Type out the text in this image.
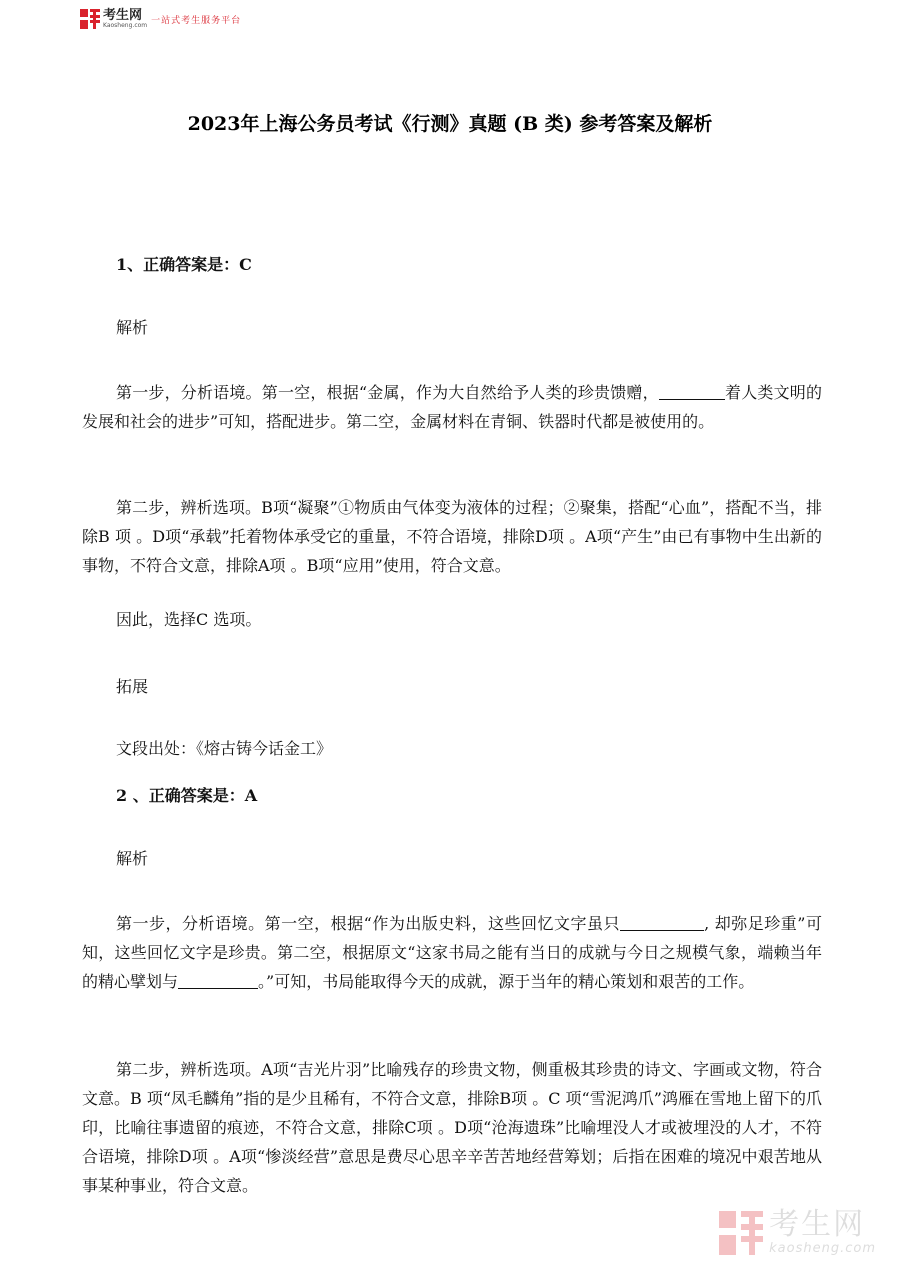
考生网
Kaosheng.com 一站式考生服务平台
2023年上海公务员考试《行测》真题 (B 类) 参考答案及解析
1、正确答案是：C
解析
第一步，分析语境。第一空，根据“金属，作为大自然给予人类的珍贵馈赠，	着人类文明的发展和社会的进步”可知，搭配进步。第二空，金属材料在青铜、铁器时代都是被使用的。
第二步，辨析选项。B项“凝聚”①物质由气体变为液体的过程；②聚集，搭配“心血”，搭配不当，排除B 项 。D项“承载”托着物体承受它的重量，不符合语境，排除D项 。A项“产生”由已有事物中生出新的事物，不符合文意，排除A项 。B项“应用”使用，符合文意。
因此，选择C 选项。
拓展
文段出处：《熔古铸今话金工》
2 、正确答案是：A
解析
第一步，分析语境。第一空，根据“作为出版史料，这些回忆文字虽只	, 却弥足珍重”可知，这些回忆文字是珍贵。第二空，根据原文“这家书局之能有当日的成就与今日之规模气象，端赖当年的精心擘划与	。”可知，书局能取得今天的成就，源于当年的精心策划和艰苦的工作。
第二步，辨析选项。A项“吉光片羽”比喻残存的珍贵文物，侧重极其珍贵的诗文、字画或文物，符合文意。B 项“凤毛麟角”指的是少且稀有，不符合文意，排除B项 。C 项“雪泥鸿爪”鸿雁在雪地上留下的爪印，比喻往事遗留的痕迹，不符合文意，排除C项 。D项“沧海遗珠”比喻埋没人才或被埋没的人才，不符合语境，排除D项 。A项“惨淡经营”意思是费尽心思辛辛苦苦地经营筹划；后指在困难的境况中艰苦地从事某种事业，符合文意。
考生网
kaosheng.com
